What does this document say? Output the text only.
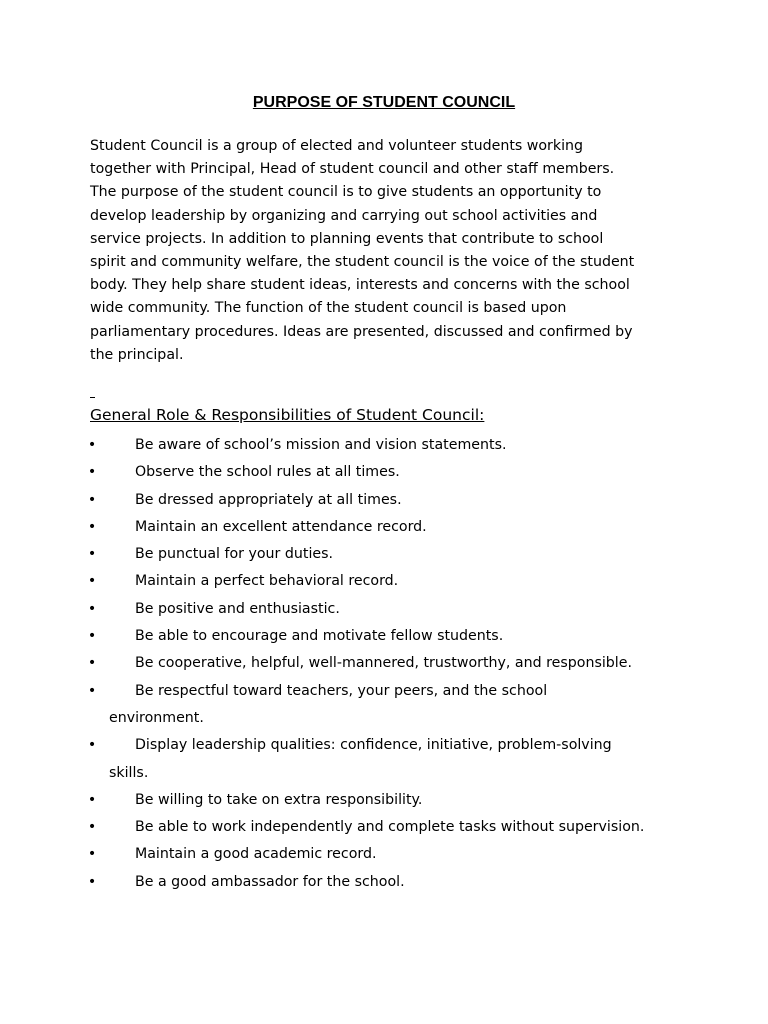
PURPOSE OF STUDENT COUNCIL
Student Council is a group of elected and volunteer students working
together with Principal, Head of student council and other staff members.
The purpose of the student council is to give students an opportunity to
develop leadership by organizing and carrying out school activities and
service projects. In addition to planning events that contribute to school
spirit and community welfare, the student council is the voice of the student
body. They help share student ideas, interests and concerns with the school
wide community. The function of the student council is based upon
parliamentary procedures. Ideas are presented, discussed and confirmed by
the principal.
General Role & Responsibilities of Student Council:
•	Be aware of school’s mission and vision statements.
•	Observe the school rules at all times.
•	Be dressed appropriately at all times.
•	Maintain an excellent attendance record.
•	Be punctual for your duties.
•	Maintain a perfect behavioral record.
•	Be positive and enthusiastic.
•	Be able to encourage and motivate fellow students.
•	Be cooperative, helpful, well-mannered, trustworthy, and responsible.
•	Be respectful toward teachers, your peers, and the school
environment.
•	Display leadership qualities: confidence, initiative, problem-solving
skills.
•	Be willing to take on extra responsibility.
•	Be able to work independently and complete tasks without supervision.
•	Maintain a good academic record.
•	Be a good ambassador for the school.
